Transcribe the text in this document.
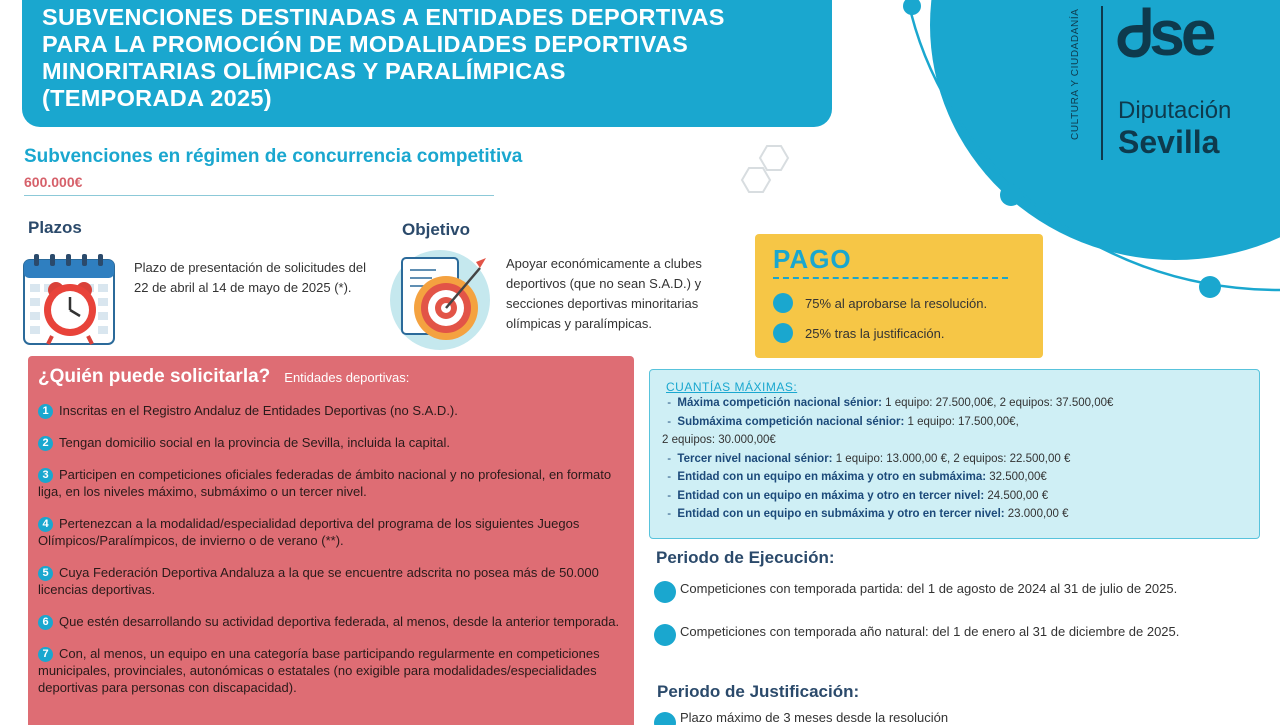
SUBVENCIONES DESTINADAS A ENTIDADES DEPORTIVAS
PARA LA PROMOCIÓN DE MODALIDADES DEPORTIVAS
MINORITARIAS OLÍMPICAS Y PARALÍMPICAS
(TEMPORADA 2025)	CULTURA Y CIUDADANÍA Ꮷse
Diputación
Sevilla
Subvenciones en régimen de concurrencia competitiva
600.000€
Plazos
Plazo de presentación de solicitudes del 22 de abril al 14 de mayo de 2025 (*).
Objetivo
Apoyar económicamente a clubes deportivos (que no sean S.A.D.) y secciones deportivas minoritarias olímpicas y paralímpicas.
PAGO
75% al aprobarse la resolución.
25% tras la justificación.
¿Quién puede solicitarla? Entidades deportivas:
1 Inscritas en el Registro Andaluz de Entidades Deportivas (no S.A.D.).
2 Tengan domicilio social en la provincia de Sevilla, incluida la capital.
3 Participen en competiciones oficiales federadas de ámbito nacional y no profesional, en formato liga, en los niveles máximo, submáximo o un tercer nivel.
4 Pertenezcan a la modalidad/especialidad deportiva del programa de los siguientes Juegos Olímpicos/Paralímpicos, de invierno o de verano (**).
5 Cuya Federación Deportiva Andaluza a la que se encuentre adscrita no posea más de 50.000 licencias deportivas.
6 Que estén desarrollando su actividad deportiva federada, al menos, desde la anterior temporada.
7 Con, al menos, un equipo en una categoría base participando regularmente en competiciones municipales, provinciales, autonómicas o estatales (no exigible para modalidades/especialidades deportivas para personas con discapacidad).
CUANTÍAS MÁXIMAS:
-  Máxima competición nacional sénior: 1 equipo: 27.500,00€, 2 equipos: 37.500,00€
-  Submáxima competición nacional sénior: 1 equipo: 17.500,00€,
2 equipos: 30.000,00€
-  Tercer nivel nacional sénior: 1 equipo: 13.000,00 €, 2 equipos: 22.500,00 €
-  Entidad con un equipo en máxima y otro en submáxima: 32.500,00€
-  Entidad con un equipo en máxima y otro en tercer nivel: 24.500,00 €
-  Entidad con un equipo en submáxima y otro en tercer nivel: 23.000,00 €
Periodo de Ejecución:
Competiciones con temporada partida: del 1 de agosto de 2024 al 31 de julio de 2025.
Competiciones con temporada año natural: del 1 de enero al 31 de diciembre de 2025.
Periodo de Justificación:
Plazo máximo de 3 meses desde la resolución
